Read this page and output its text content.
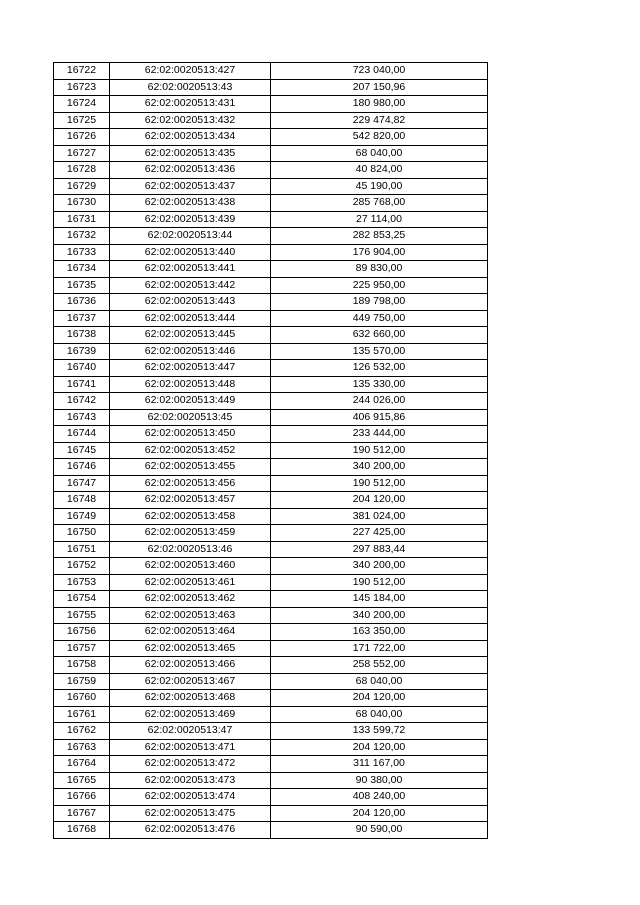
16722	62:02:0020513:427	723 040,00
16723	62:02:0020513:43	207 150,96
16724	62:02:0020513:431	180 980,00
16725	62:02:0020513:432	229 474,82
16726	62:02:0020513:434	542 820,00
16727	62:02:0020513:435	68 040,00
16728	62:02:0020513:436	40 824,00
16729	62:02:0020513:437	45 190,00
16730	62:02:0020513:438	285 768,00
16731	62:02:0020513:439	27 114,00
16732	62:02:0020513:44	282 853,25
16733	62:02:0020513:440	176 904,00
16734	62:02:0020513:441	89 830,00
16735	62:02:0020513:442	225 950,00
16736	62:02:0020513:443	189 798,00
16737	62:02:0020513:444	449 750,00
16738	62:02:0020513:445	632 660,00
16739	62:02:0020513:446	135 570,00
16740	62:02:0020513:447	126 532,00
16741	62:02:0020513:448	135 330,00
16742	62:02:0020513:449	244 026,00
16743	62:02:0020513:45	406 915,86
16744	62:02:0020513:450	233 444,00
16745	62:02:0020513:452	190 512,00
16746	62:02:0020513:455	340 200,00
16747	62:02:0020513:456	190 512,00
16748	62:02:0020513:457	204 120,00
16749	62:02:0020513:458	381 024,00
16750	62:02:0020513:459	227 425,00
16751	62:02:0020513:46	297 883,44
16752	62:02:0020513:460	340 200,00
16753	62:02:0020513:461	190 512,00
16754	62:02:0020513:462	145 184,00
16755	62:02:0020513:463	340 200,00
16756	62:02:0020513:464	163 350,00
16757	62:02:0020513:465	171 722,00
16758	62:02:0020513:466	258 552,00
16759	62:02:0020513:467	68 040,00
16760	62:02:0020513:468	204 120,00
16761	62:02:0020513:469	68 040,00
16762	62:02:0020513:47	133 599,72
16763	62:02:0020513:471	204 120,00
16764	62:02:0020513:472	311 167,00
16765	62:02:0020513:473	90 380,00
16766	62:02:0020513:474	408 240,00
16767	62:02:0020513:475	204 120,00
16768	62:02:0020513:476	90 590,00
